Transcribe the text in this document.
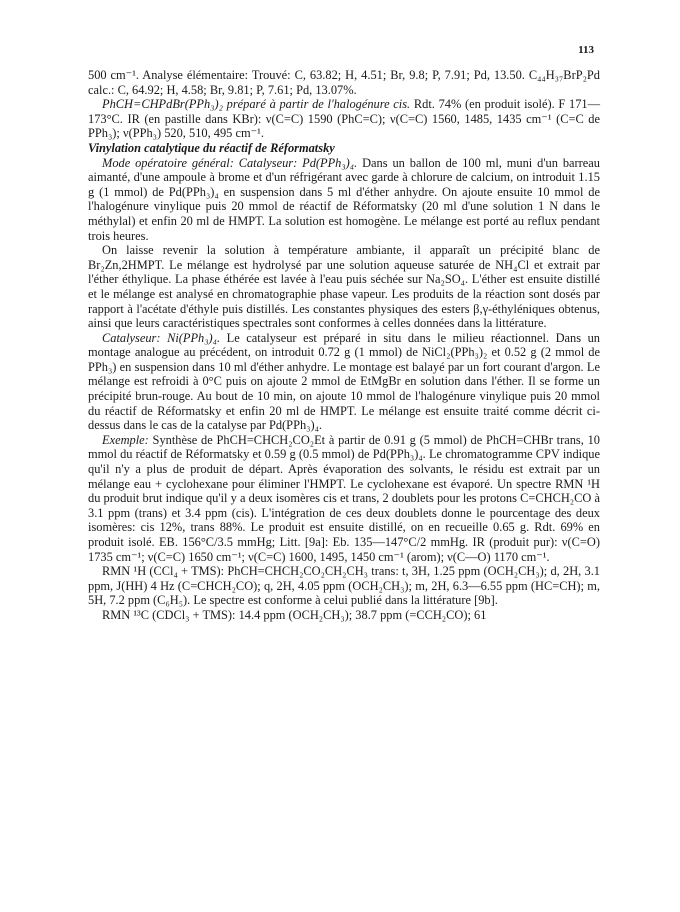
113

500 cm⁻¹. Analyse élémentaire: Trouvé: C, 63.82; H, 4.51; Br, 9.8; P, 7.91; Pd, 13.50. C₄₄H₃₇BrP₂Pd calc.: C, 64.92; H, 4.58; Br, 9.81; P, 7.61; Pd, 13.07%.

PhCH=CHPdBr(PPh₃)₂ préparé à partir de l'halogénure cis. Rdt. 74% (en produit isolé). F 171—173°C. IR (en pastille dans KBr): ν(C=C) 1590 (PhC=C); ν(C=C) 1560, 1485, 1435 cm⁻¹ (C=C de PPh₃); ν(PPh₃) 520, 510, 495 cm⁻¹.

Vinylation catalytique du réactif de Réformatsky

Mode opératoire général: Catalyseur: Pd(PPh₃)₄. Dans un ballon de 100 ml, muni d'un barreau aimanté, d'une ampoule à brome et d'un réfrigérant avec garde à chlorure de calcium, on introduit 1.15 g (1 mmol) de Pd(PPh₃)₄ en suspension dans 5 ml d'éther anhydre. On ajoute ensuite 10 mmol de l'halogénure vinylique puis 20 mmol de réactif de Réformatsky (20 ml d'une solution 1 N dans le méthylal) et enfin 20 ml de HMPT. La solution est homogène. Le mélange est porté au reflux pendant trois heures.

On laisse revenir la solution à température ambiante, il apparaît un précipité blanc de Br₂Zn,2HMPT. Le mélange est hydrolysé par une solution aqueuse saturée de NH₄Cl et extrait par l'éther éthylique. La phase éthérée est lavée à l'eau puis séchée sur Na₂SO₄. L'éther est ensuite distillé et le mélange est analysé en chromatographie phase vapeur. Les produits de la réaction sont dosés par rapport à l'acétate d'éthyle puis distillés. Les constantes physiques des esters β,γ-éthyléniques obtenus, ainsi que leurs caractéristiques spectrales sont conformes à celles données dans la littérature.

Catalyseur: Ni(PPh₃)₄. Le catalyseur est préparé in situ dans le milieu réactionnel. Dans un montage analogue au précédent, on introduit 0.72 g (1 mmol) de NiCl₂(PPh₃)₂ et 0.52 g (2 mmol de PPh₃) en suspension dans 10 ml d'éther anhydre. Le montage est balayé par un fort courant d'argon. Le mélange est refroidi à 0°C puis on ajoute 2 mmol de EtMgBr en solution dans l'éther. Il se forme un précipité brun-rouge. Au bout de 10 min, on ajoute 10 mmol de l'halogénure vinylique puis 20 mmol du réactif de Réformatsky et enfin 20 ml de HMPT. Le mélange est ensuite traité comme décrit ci-dessus dans le cas de la catalyse par Pd(PPh₃)₄.

Exemple: Synthèse de PhCH=CHCH₂CO₂Et à partir de 0.91 g (5 mmol) de PhCH=CHBr trans, 10 mmol du réactif de Réformatsky et 0.59 g (0.5 mmol) de Pd(PPh₃)₄. Le chromatogramme CPV indique qu'il n'y a plus de produit de départ. Après évaporation des solvants, le résidu est extrait par un mélange eau + cyclohexane pour éliminer l'HMPT. Le cyclohexane est évaporé. Un spectre RMN ¹H du produit brut indique qu'il y a deux isomères cis et trans, 2 doublets pour les protons C=CHCH₂CO à 3.1 ppm (trans) et 3.4 ppm (cis). L'intégration de ces deux doublets donne le pourcentage des deux isomères: cis 12%, trans 88%. Le produit est ensuite distillé, on en recueille 0.65 g. Rdt. 69% en produit isolé. EB. 156°C/3.5 mmHg; Litt. [9a]: Eb. 135—147°C/2 mmHg. IR (produit pur): ν(C=O) 1735 cm⁻¹; ν(C=C) 1650 cm⁻¹; ν(C=C) 1600, 1495, 1450 cm⁻¹ (arom); ν(C—O) 1170 cm⁻¹.

RMN ¹H (CCl₄ + TMS): PhCH=CHCH₂CO₂CH₂CH₃ trans: t, 3H, 1.25 ppm (OCH₂CH₃); d, 2H, 3.1 ppm, J(HH) 4 Hz (C=CHCH₂CO); q, 2H, 4.05 ppm (OCH₂CH₃); m, 2H, 6.3—6.55 ppm (HC=CH); m, 5H, 7.2 ppm (C₆H₅). Le spectre est conforme à celui publié dans la littérature [9b].

RMN ¹³C (CDCl₃ + TMS): 14.4 ppm (OCH₂CH₃); 38.7 ppm (=CCH₂CO); 61
